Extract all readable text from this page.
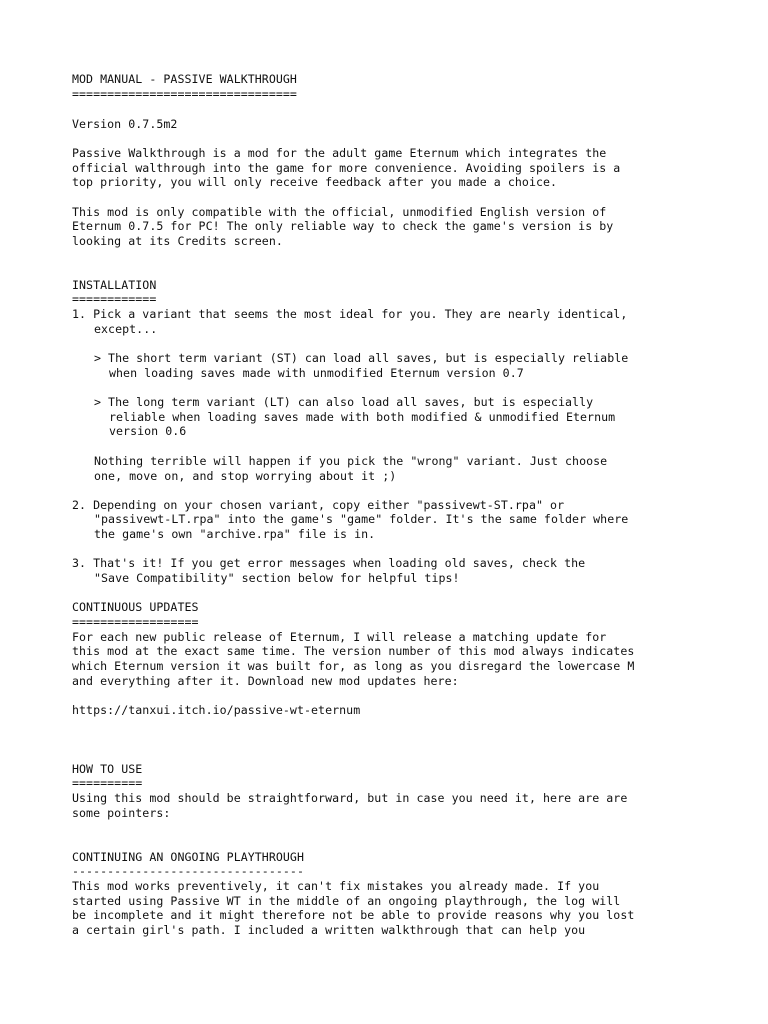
MOD MANUAL - PASSIVE WALKTHROUGH

================================

Version 0.7.5m2

Passive Walkthrough is a mod for the adult game Eternum which integrates the

official walthrough into the game for more convenience. Avoiding spoilers is a

top priority, you will only receive feedback after you made a choice.

This mod is only compatible with the official, unmodified English version of

Eternum 0.7.5 for PC! The only reliable way to check the game's version is by

looking at its Credits screen.

INSTALLATION

============

1. Pick a variant that seems the most ideal for you. They are nearly identical,

except...

> The short term variant (ST) can load all saves, but is especially reliable

when loading saves made with unmodified Eternum version 0.7

> The long term variant (LT) can also load all saves, but is especially

reliable when loading saves made with both modified & unmodified Eternum

version 0.6

Nothing terrible will happen if you pick the "wrong" variant. Just choose

one, move on, and stop worrying about it ;)

2. Depending on your chosen variant, copy either "passivewt-ST.rpa" or

"passivewt-LT.rpa" into the game's "game" folder. It's the same folder where

the game's own "archive.rpa" file is in.

3. That's it! If you get error messages when loading old saves, check the

"Save Compatibility" section below for helpful tips!

CONTINUOUS UPDATES

==================

For each new public release of Eternum, I will release a matching update for

this mod at the exact same time. The version number of this mod always indicates

which Eternum version it was built for, as long as you disregard the lowercase M

and everything after it. Download new mod updates here:

https://tanxui.itch.io/passive-wt-eternum

HOW TO USE

==========

Using this mod should be straightforward, but in case you need it, here are are

some pointers:

CONTINUING AN ONGOING PLAYTHROUGH

---------------------------------

This mod works preventively, it can't fix mistakes you already made. If you

started using Passive WT in the middle of an ongoing playthrough, the log will

be incomplete and it might therefore not be able to provide reasons why you lost

a certain girl's path. I included a written walkthrough that can help you
